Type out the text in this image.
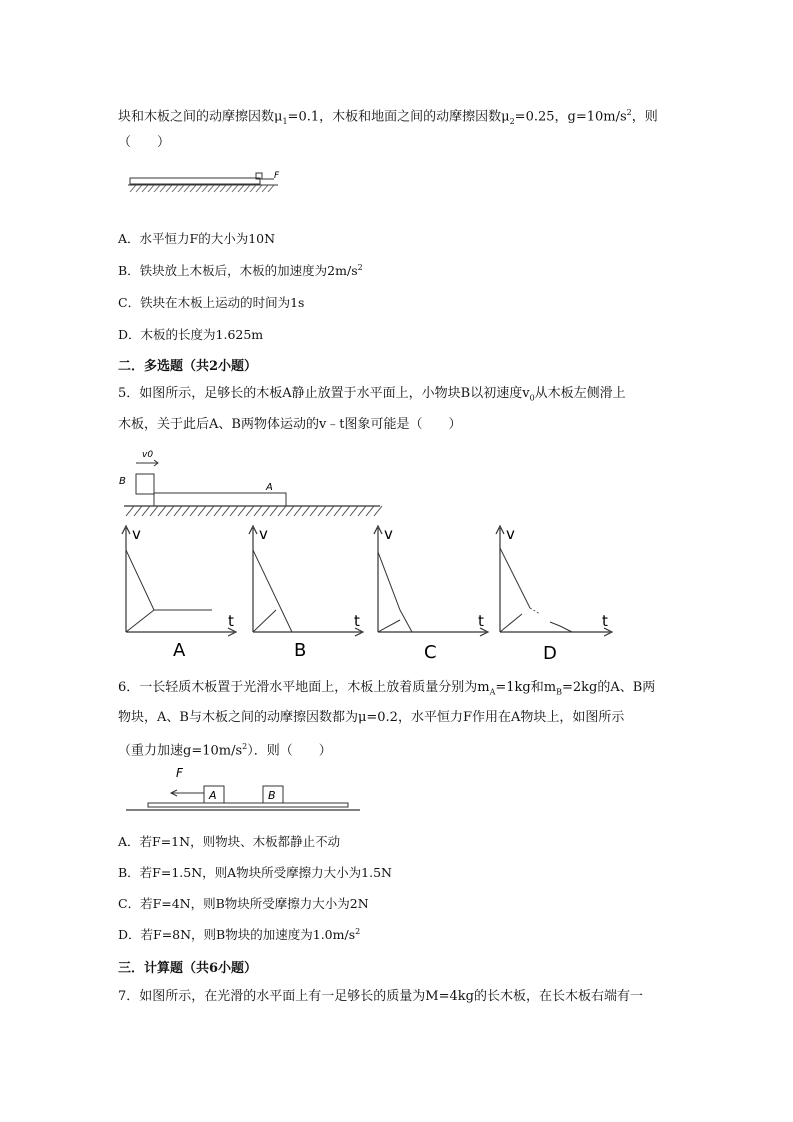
块和木板之间的动摩擦因数$\mu_1=0.1$，木板和地面之间的动摩擦因数$\mu_2=0.25$，$g=10m/s^2$，则
（　　）
F
A．水平恒力F的大小为10N
B．铁块放上木板后，木板的加速度为$2m/s^2$
C．铁块在木板上运动的时间为1s
D．木板的长度为1.625m
二．多选题（共2小题）
5．如图所示，足够长的木板A静止放置于水平面上，小物块B以初速度$v_0$从木板左侧滑上
木板，关于此后A、B两物体运动的v﹣t图象可能是（　　）
v0
B
A
v
t
A
v
t
B
v
t
C
v
t
D
6．一长轻质木板置于光滑水平地面上，木板上放着质量分别为$m_A=1kg$和$m_B=2kg$的A、B两
物块，A、B与木板之间的动摩擦因数都为μ=0.2，水平恒力F作用在A物块上，如图所示
（重力加速$g=10m/s^2$）．则（　　）
F
A	B
A．若F=1N，则物块、木板都静止不动
B．若F=1.5N，则A物块所受摩擦力大小为1.5N
C．若F=4N，则B物块所受摩擦力大小为2N
D．若F=8N，则B物块的加速度为$1.0m/s^2$
三．计算题（共6小题）
7．如图所示，在光滑的水平面上有一足够长的质量为M=4kg的长木板，在长木板右端有一
